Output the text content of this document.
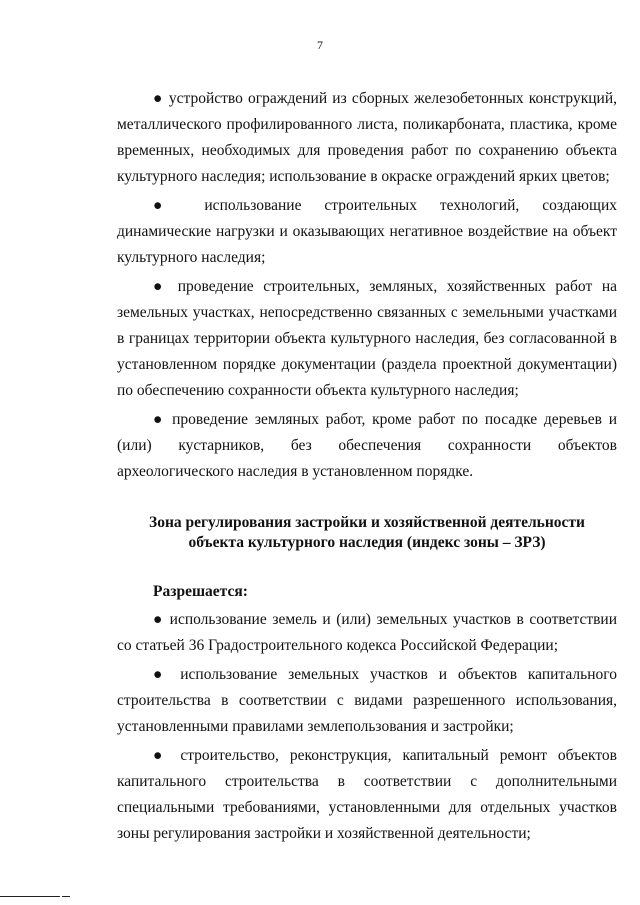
7

● устройство ограждений из сборных железобетонных конструкций, металлического профилированного листа, поликарбоната, пластика, кроме временных, необходимых для проведения работ по сохранению объекта культурного наследия; использование в окраске ограждений ярких цветов;

● использование строительных технологий, создающих динамические нагрузки и оказывающих негативное воздействие на объект культурного наследия;

● проведение строительных, земляных, хозяйственных работ на земельных участках, непосредственно связанных с земельными участками в границах территории объекта культурного наследия, без согласованной в установленном порядке документации (раздела проектной документации) по обеспечению сохранности объекта культурного наследия;

● проведение земляных работ, кроме работ по посадке деревьев и (или) кустарников, без обеспечения сохранности объектов археологического наследия в установленном порядке.

Зона регулирования застройки и хозяйственной деятельности
объекта культурного наследия (индекс зоны – ЗРЗ)
Разрешается:

● использование земель и (или) земельных участков в соответствии со статьей 36 Градостроительного кодекса Российской Федерации;

● использование земельных участков и объектов капитального строительства в соответствии с видами разрешенного использования, установленными правилами землепользования и застройки;

● строительство, реконструкция, капитальный ремонт объектов капитального строительства в соответствии с дополнительными специальными требованиями, установленными для отдельных участков зоны регулирования застройки и хозяйственной деятельности;
